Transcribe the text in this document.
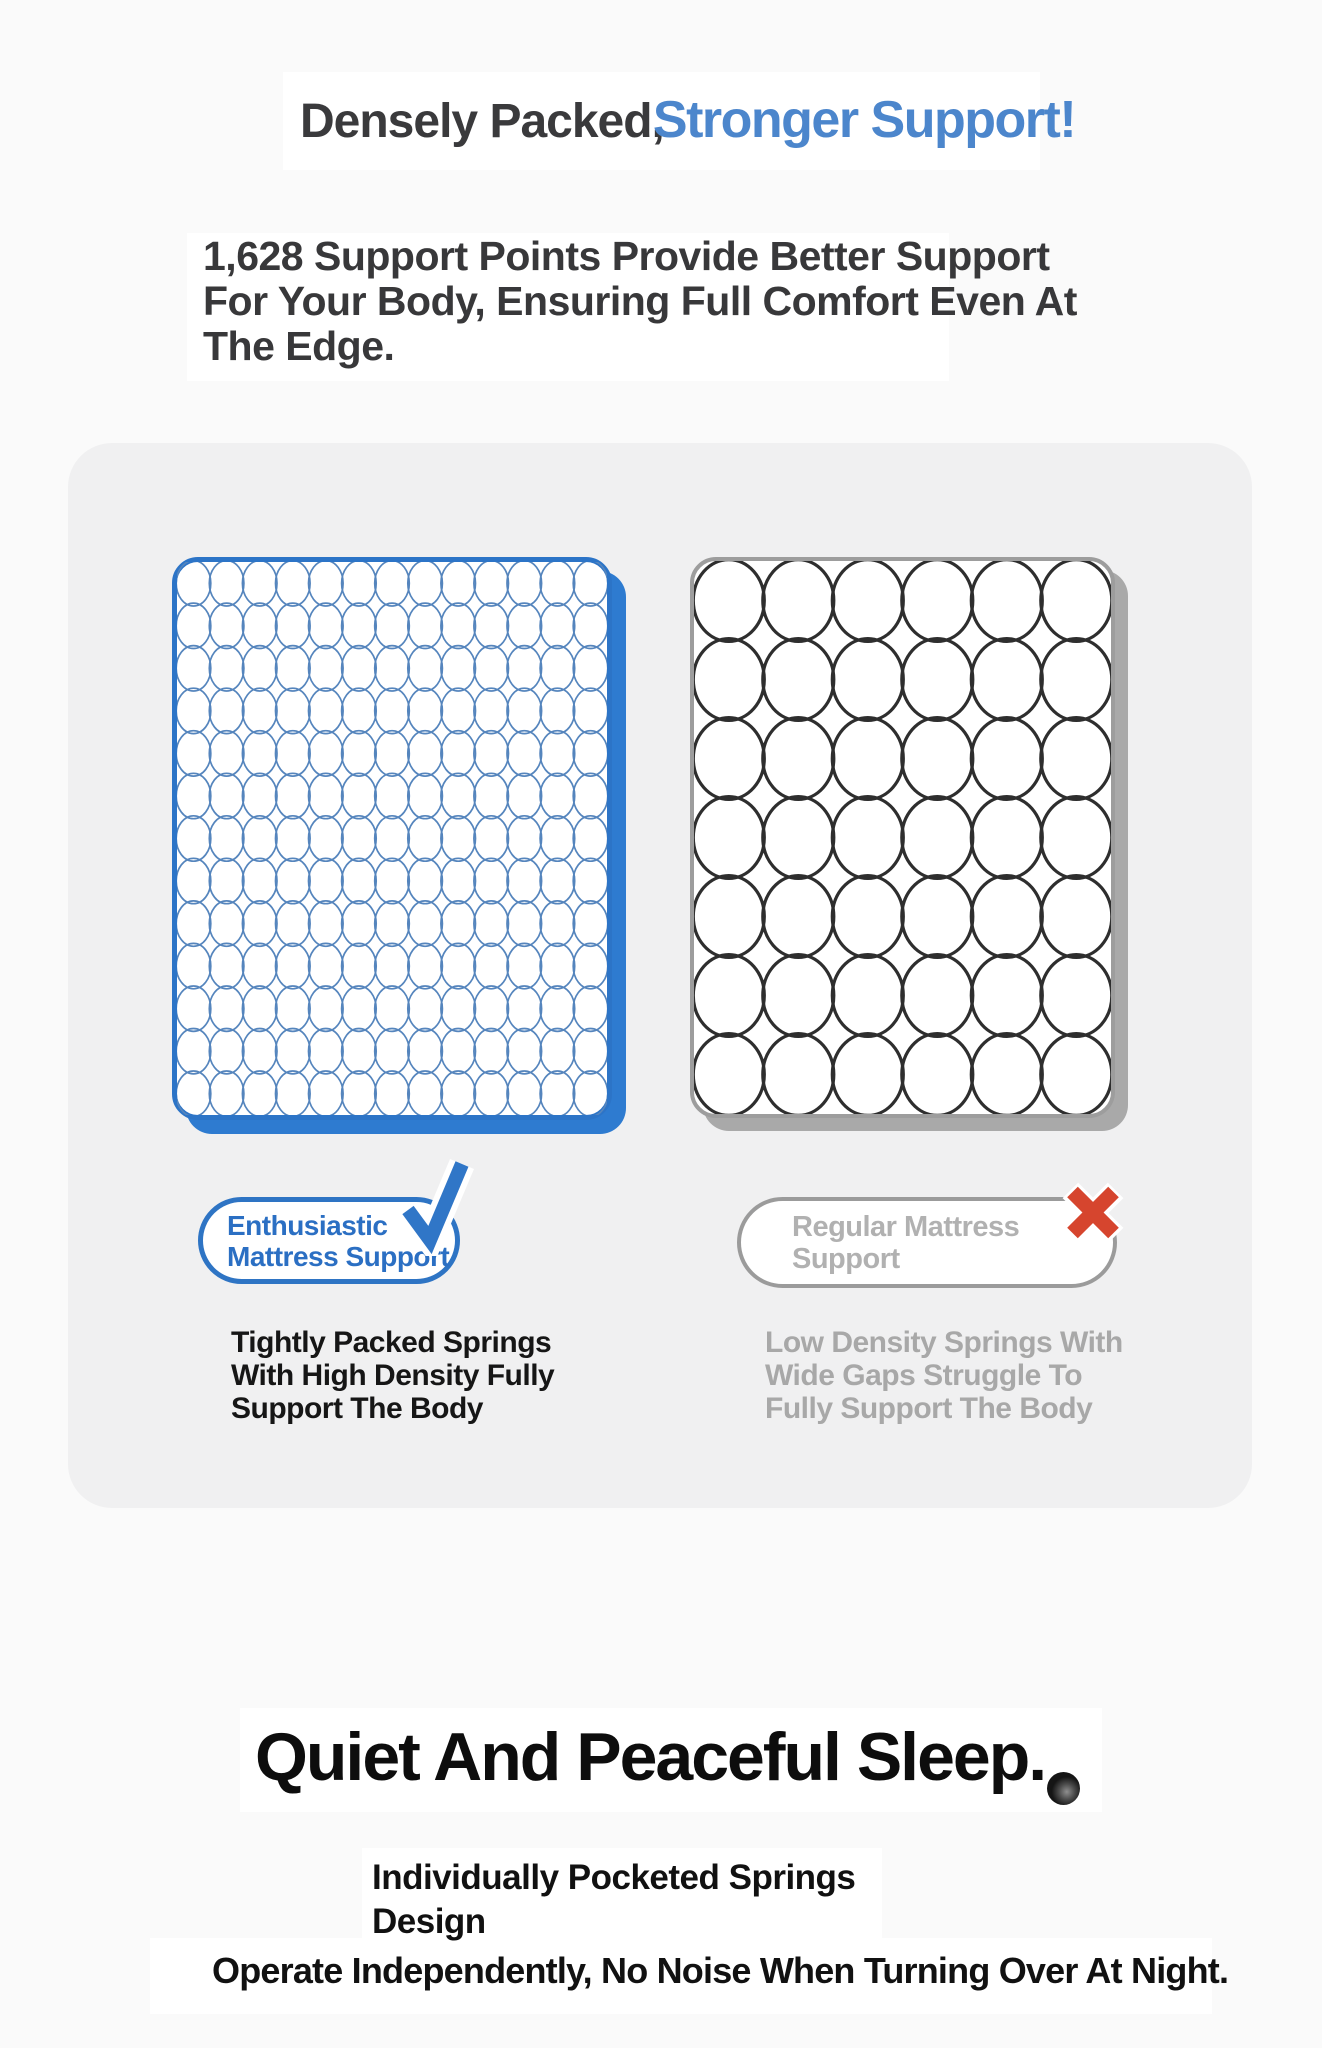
Densely Packed,
Stronger Support!

1,628 Support Points Provide Better Support
For Your Body, Ensuring Full Comfort Even At
The Edge.

Enthusiastic
Mattress Support
Regular Mattress
Support

Tightly Packed Springs
With High Density Fully
Support The Body

Low Density Springs With
Wide Gaps Struggle To
Fully Support The Body

Quiet And Peaceful Sleep.

Individually Pocketed Springs
Design

Operate Independently, No Noise When Turning Over At Night.
